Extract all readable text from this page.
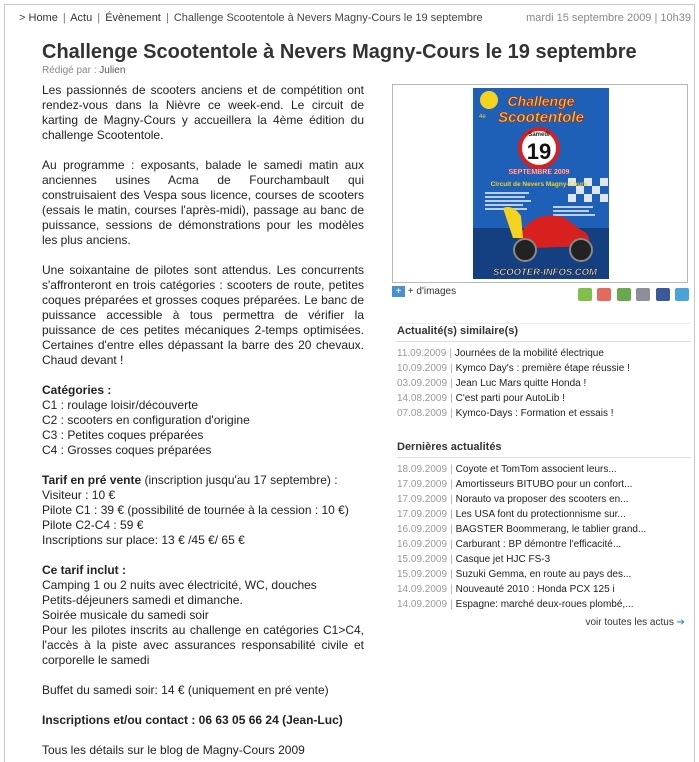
> Home | Actu | Évènement | Challenge Scootentole à Nevers Magny-Cours le 19 septembre	mardi 15 septembre 2009 | 10h39
Challenge Scootentole à Nevers Magny-Cours le 19 septembre
Rédigé par : Julien

Les passionnés de scooters anciens et de compétition ont rendez-vous dans la Nièvre ce week-end. Le circuit de karting de Magny-Cours y accueillera la 4ème édition du challenge Scootentole.

Au programme : exposants, balade le samedi matin aux anciennes usines Acma de Fourchambault qui construisaient des Vespa sous licence, courses de scooters (essais le matin, courses l'après-midi), passage au banc de puissance, sessions de démonstrations pour les modèles les plus anciens.

Une soixantaine de pilotes sont attendus. Les concurrents s'affronteront en trois catégories : scooters de route, petites coques préparées et grosses coques préparées. Le banc de puissance accessible à tous permettra de vérifier la puissance de ces petites mécaniques 2-temps optimisées. Certaines d'entre elles dépassant la barre des 20 chevaux. Chaud devant !

Catégories :
C1 : roulage loisir/découverte
C2 : scooters en configuration d'origine
C3 : Petites coques préparées
C4 : Grosses coques préparées

Tarif en pré vente (inscription jusqu'au 17 septembre) :
Visiteur : 10 €
Pilote C1 : 39 € (possibilité de tournée à la cession : 10 €)
Pilote C2-C4 : 59 €
Inscriptions sur place: 13 € /45 €/ 65 €

Ce tarif inclut :
Camping 1 ou 2 nuits avec électricité, WC, douches
Petits-déjeuners samedi et dimanche.
Soirée musicale du samedi soir
Pour les pilotes inscrits au challenge en catégories C1>C4, l'accès à la piste avec assurances responsabilité civile et corporelle le samedi

Buffet du samedi soir: 14 € (uniquement en pré vente)

Inscriptions et/ou contact : 06 63 05 66 24 (Jean-Luc)

Tous les détails sur le blog de Magny-Cours 2009

4e
Challenge
Scootentole
Samedi
19
SEPTEMBRE 2009
Circuit de Nevers Magny-Cours
SCOOTER-INFOS.COM
+ + d'images

Actualité(s) similaire(s)
11.09.2009 | Journées de la mobilité électrique
10.09.2009 | Kymco Day's : première étape réussie !
03.09.2009 | Jean Luc Mars quitte Honda !
14.08.2009 | C'est parti pour AutoLib !
07.08.2009 | Kymco-Days : Formation et essais !
Dernières actualités
18.09.2009 | Coyote et TomTom associent leurs...
17.09.2009 | Amortisseurs BITUBO pour un confort...
17.09.2009 | Norauto va proposer des scooters en...
17.09.2009 | Les USA font du protectionnisme sur...
16.09.2009 | BAGSTER Boommerang, le tablier grand...
16.09.2009 | Carburant : BP démontre l'efficacité...
15.09.2009 | Casque jet HJC FS-3
15.09.2009 | Suzuki Gemma, en route au pays des...
14.09.2009 | Nouveauté 2010 : Honda PCX 125 i
14.09.2009 | Espagne: marché deux-roues plombé,...
voir toutes les actus ➔
